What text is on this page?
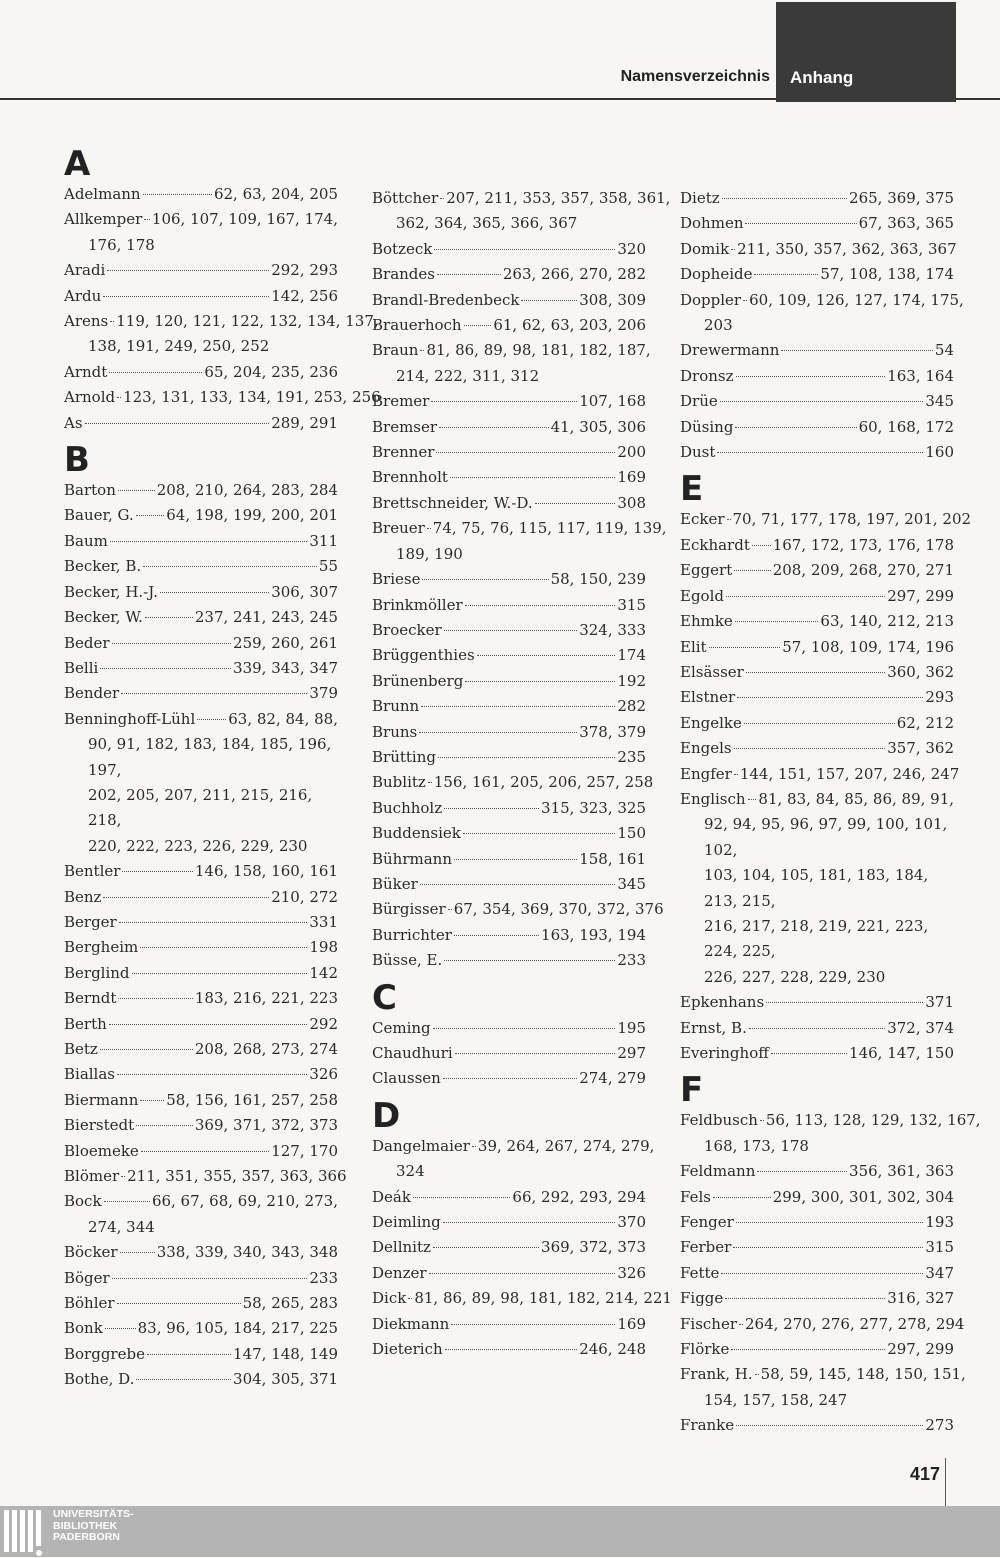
Namensverzeichnis	Anhang
A
Adelmann	62, 63, 204, 205
Allkemper 106, 107, 109, 167, 174,
176, 178
Aradi	292, 293
Ardu	142, 256
Arens 119, 120, 121, 122, 132, 134, 137,
138, 191, 249, 250, 252
Arndt	65, 204, 235, 236
Arnold 123, 131, 133, 134, 191, 253, 256
As	289, 291
B
Barton	208, 210, 264, 283, 284
Bauer, G. 64, 198, 199, 200, 201
Baum	311
Becker, B.	55
Becker, H.-J.	306, 307
Becker, W.	237, 241, 243, 245
Beder	259, 260, 261
Belli	339, 343, 347
Bender	379
Benninghoff-Lühl 63, 82, 84, 88,
90, 91, 182, 183, 184, 185, 196, 197,
202, 205, 207, 211, 215, 216, 218,
220, 222, 223, 226, 229, 230
Bentler	146, 158, 160, 161
Benz	210, 272
Berger	331
Bergheim	198
Berglind	142
Berndt	183, 216, 221, 223
Berth	292
Betz	208, 268, 273, 274
Biallas	326
Biermann 58, 156, 161, 257, 258
Bierstedt	369, 371, 372, 373
Bloemeke	127, 170
Blömer 211, 351, 355, 357, 363, 366
Bock	66, 67, 68, 69, 210, 273,
274, 344
Böcker	338, 339, 340, 343, 348
Böger	233
Böhler	58, 265, 283
Bonk 83, 96, 105, 184, 217, 225
Borggrebe	147, 148, 149
Bothe, D.	304, 305, 371
Böttcher 207, 211, 353, 357, 358, 361,
362, 364, 365, 366, 367
Botzeck	320
Brandes	263, 266, 270, 282
Brandl-Bredenbeck	308, 309
Brauerhoch 61, 62, 63, 203, 206
Braun 81, 86, 89, 98, 181, 182, 187,
214, 222, 311, 312
Bremer	107, 168
Bremser	41, 305, 306
Brenner	200
Brennholt	169
Brettschneider, W.-D.	308
Breuer 74, 75, 76, 115, 117, 119, 139,
189, 190
Briese	58, 150, 239
Brinkmöller	315
Broecker	324, 333
Brüggenthies	174
Brünenberg	192
Brunn	282
Bruns	378, 379
Brütting	235
Bublitz 156, 161, 205, 206, 257, 258
Buchholz	315, 323, 325
Buddensiek	150
Bührmann	158, 161
Büker	345
Bürgisser 67, 354, 369, 370, 372, 376
Burrichter	163, 193, 194
Büsse, E.	233
C
Ceming	195
Chaudhuri	297
Claussen	274, 279
D
Dangelmaier 39, 264, 267, 274, 279,
324
Deák	66, 292, 293, 294
Deimling	370
Dellnitz	369, 372, 373
Denzer	326
Dick 81, 86, 89, 98, 181, 182, 214, 221
Diekmann	169
Dieterich	246, 248
Dietz	265, 369, 375
Dohmen	67, 363, 365
Domik 211, 350, 357, 362, 363, 367
Dopheide	57, 108, 138, 174
Doppler 60, 109, 126, 127, 174, 175,
203
Drewermann	54
Dronsz	163, 164
Drüe	345
Düsing	60, 168, 172
Dust	160
E
Ecker 70, 71, 177, 178, 197, 201, 202
Eckhardt 167, 172, 173, 176, 178
Eggert	208, 209, 268, 270, 271
Egold	297, 299
Ehmke	63, 140, 212, 213
Elit	57, 108, 109, 174, 196
Elsässer	360, 362
Elstner	293
Engelke	62, 212
Engels	357, 362
Engfer 144, 151, 157, 207, 246, 247
Englisch 81, 83, 84, 85, 86, 89, 91,
92, 94, 95, 96, 97, 99, 100, 101, 102,
103, 104, 105, 181, 183, 184, 213, 215,
216, 217, 218, 219, 221, 223, 224, 225,
226, 227, 228, 229, 230
Epkenhans	371
Ernst, B.	372, 374
Everinghoff	146, 147, 150
F
Feldbusch 56, 113, 128, 129, 132, 167,
168, 173, 178
Feldmann	356, 361, 363
Fels	299, 300, 301, 302, 304
Fenger	193
Ferber	315
Fette	347
Figge	316, 327
Fischer 264, 270, 276, 277, 278, 294
Flörke	297, 299
Frank, H. 58, 59, 145, 148, 150, 151,
154, 157, 158, 247
Franke	273
417
UNIVERSITÄTS-
BIBLIOTHEK
PADERBORN
